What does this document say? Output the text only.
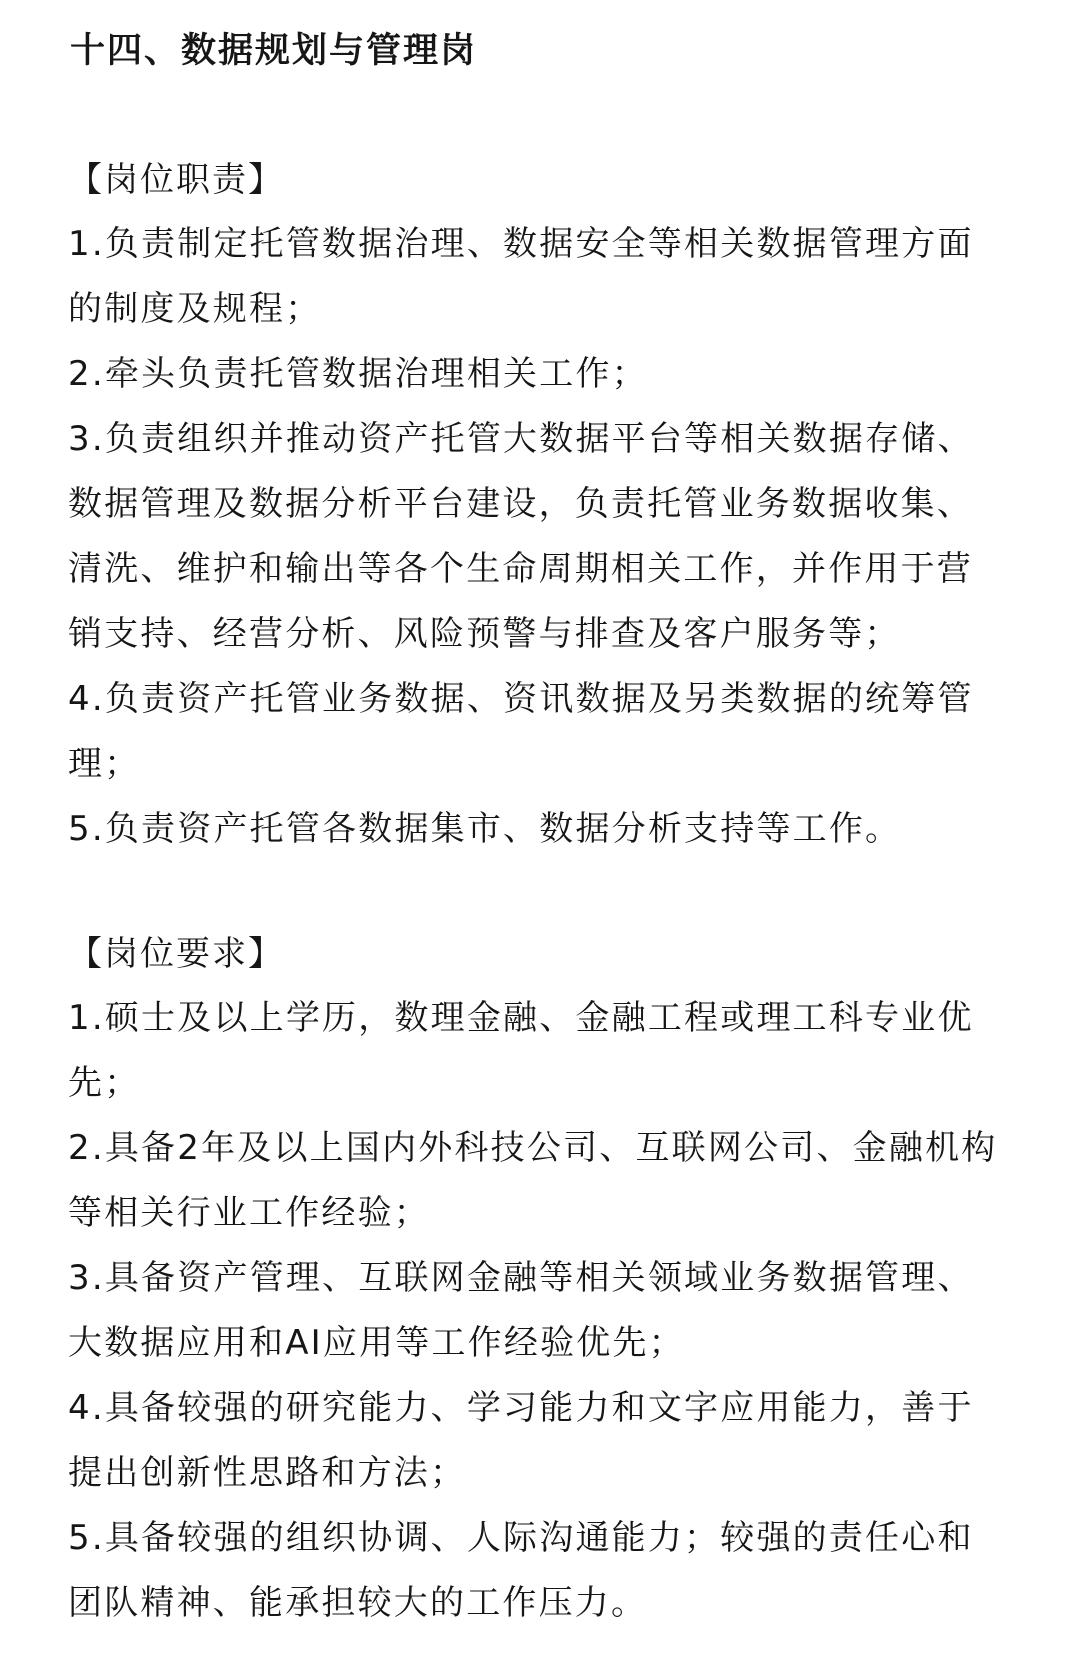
十四、数据规划与管理岗
【岗位职责】

1.负责制定托管数据治理、数据安全等相关数据管理方面的制度及规程；

2.牵头负责托管数据治理相关工作；

3.负责组织并推动资产托管大数据平台等相关数据存储、数据管理及数据分析平台建设，负责托管业务数据收集、清洗、维护和输出等各个生命周期相关工作，并作用于营销支持、经营分析、风险预警与排查及客户服务等；

4.负责资产托管业务数据、资讯数据及另类数据的统筹管理；

5.负责资产托管各数据集市、数据分析支持等工作。

【岗位要求】

1.硕士及以上学历，数理金融、金融工程或理工科专业优先；

2.具备2年及以上国内外科技公司、互联网公司、金融机构等相关行业工作经验；

3.具备资产管理、互联网金融等相关领域业务数据管理、大数据应用和AI应用等工作经验优先；

4.具备较强的研究能力、学习能力和文字应用能力，善于提出创新性思路和方法；

5.具备较强的组织协调、人际沟通能力；较强的责任心和团队精神、能承担较大的工作压力。
